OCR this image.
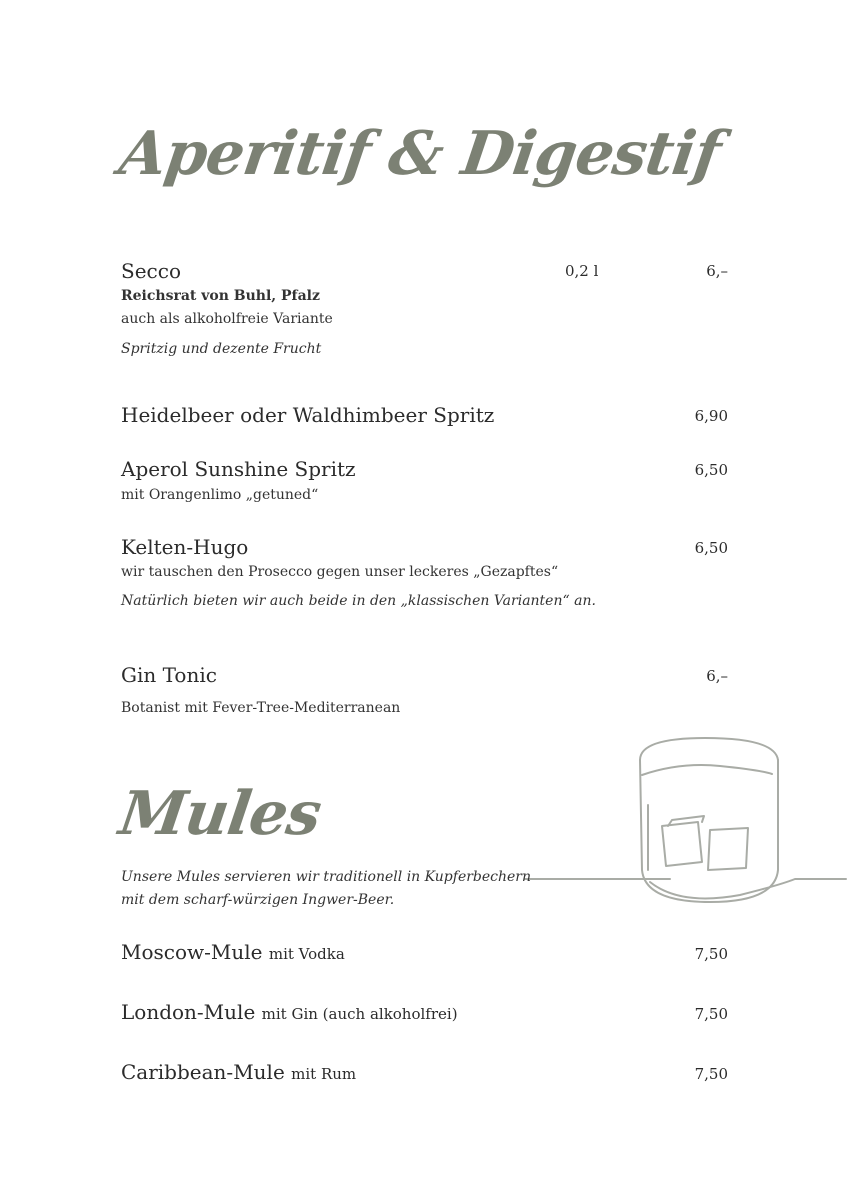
Aperitif & Digestif
Secco	0,2 l	6,–
Reichsrat von Buhl, Pfalz
auch als alkoholfreie Variante
Spritzig und dezente Frucht
Heidelbeer oder Waldhimbeer Spritz	6,90
Aperol Sunshine Spritz	6,50
mit Orangenlimo „getuned“
Kelten-Hugo	6,50
wir tauschen den Prosecco gegen unser leckeres „Gezapftes“
Natürlich bieten wir auch beide in den „klassischen Varianten“ an.
Gin Tonic	6,–
Botanist mit Fever-Tree-Mediterranean
Mules
Unsere Mules servieren wir traditionell in Kupferbechern
mit dem scharf-würzigen Ingwer-Beer.
Moscow-Mule mit Vodka	7,50
London-Mule mit Gin (auch alkoholfrei)	7,50
Caribbean-Mule mit Rum	7,50
